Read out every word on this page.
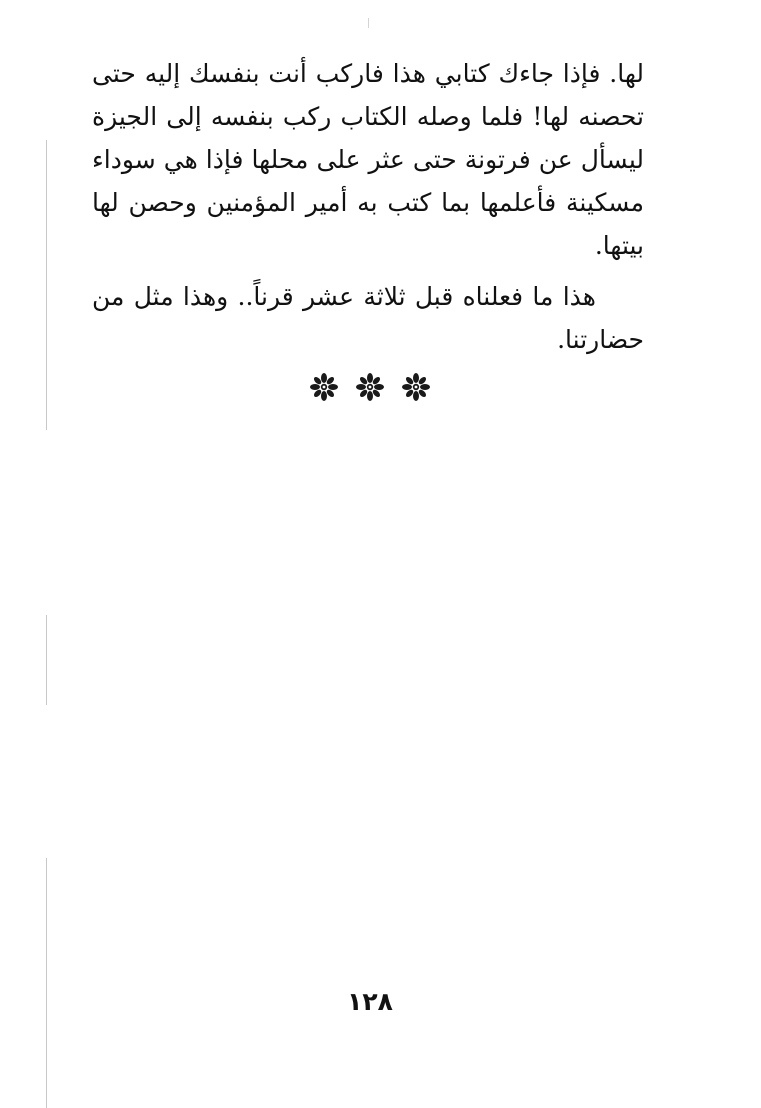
لها. فإذا جاءك كتابي هذا فاركب أنت بنفسك إليه حتى تحصنه لها! فلما وصله الكتاب ركب بنفسه إلى الجيزة ليسأل عن فرتونة حتى عثر على محلها فإذا هي سوداء مسكينة فأعلمها بما كتب به أمير المؤمنين وحصن لها بيتها.

هذا ما فعلناه قبل ثلاثة عشر قرناً.. وهذا مثل من حضارتنا.

١٢٨
